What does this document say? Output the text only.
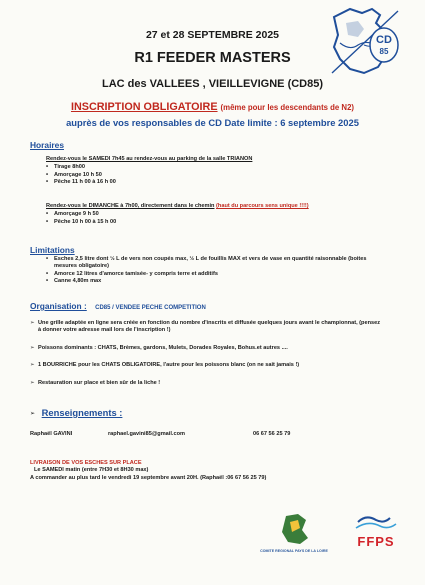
27 et 28 SEPTEMBRE 2025
R1 FEEDER MASTERS
LAC des VALLEES , VIEILLEVIGNE (CD85)
INSCRIPTION OBLIGATOIRE (même pour les descendants de N2)
auprès de vos responsables de CD Date limite : 6 septembre 2025
CD
85
Horaires
Rendez-vous le SAMEDI 7h45 au rendez-vous au parking de la salle TRIANON
• Tirage 8h00
• Amorçage 10 h 50
• Pêche 11 h 00 à 16 h 00
Rendez-vous le DIMANCHE à 7h00, directement dans le chemin (haut du parcours sens unique !!!!)
• Amorçage 9 h 50
• Pêche 10 h 00 à 15 h 00
Limitations
• Esches 2,5 litre dont ½ L de vers non coupés max, ½ L de fouillis MAX et vers de vase en quantité raisonnable (boites mesures obligatoire)
• Amorce 12 litres d'amorce tamisée- y compris terre et additifs
• Canne 4,80m max
Organisation : CD85 / VENDEE PECHE COMPETITION
➢ Une grille adaptée en ligne sera créée en fonction du nombre d'inscrits et diffusée quelques jours avant le championnat, (pensez à donner votre adresse mail lors de l'inscription !)
➢ Poissons dominants : CHATS, Brèmes, gardons, Mulets, Dorades Royales, Bohus.et autres ....
➢ 1 BOURRICHE pour les CHATS OBLIGATOIRE, l'autre pour les poissons blanc (on ne sait jamais !)
➢ Restauration sur place et bien sûr de la liche !
➢ Renseignements :
Raphaël GAVINI	raphael.gavini85@gmail.com	06 67 56 25 79
LIVRAISON DE VOS ESCHES SUR PLACE
Le SAMEDI matin (entre 7H30 et 8H30 max)
A commander au plus tard le vendredi 19 septembre avant 20H. (Raphaël :06 67 56 25 79)
COMITE REGIONAL PAYS DE LA LOIRE
FFPS
